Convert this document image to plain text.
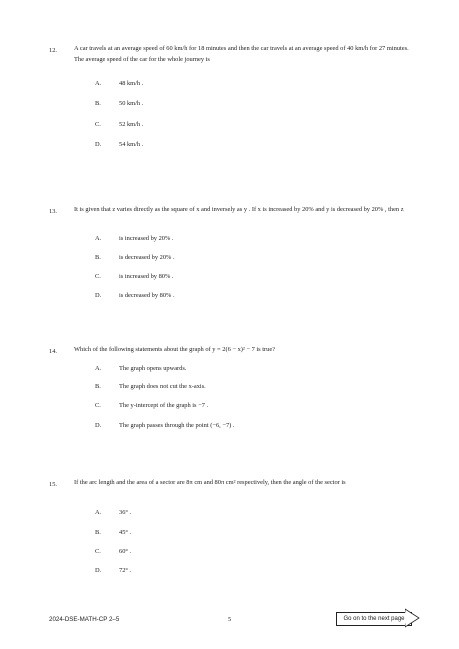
12.	A car travels at an average speed of 60 km/h for 18 minutes and then the car travels at an average speed of 40 km/h for 27 minutes. The average speed of the car for the whole journey is
A.	48 km/h .
B.	50 km/h .
C.	52 km/h .
D.	54 km/h .
13.	It is given that z varies directly as the square of x and inversely as y . If x is increased by 20% and y is decreased by 20% , then z
A.	is increased by 20% .
B.	is decreased by 20% .
C.	is increased by 80% .
D.	is decreased by 80% .
14.	Which of the following statements about the graph of y = 2(6 − x)² − 7 is true?
A.	The graph opens upwards.
B.	The graph does not cut the x-axis.
C.	The y-intercept of the graph is −7 .
D.	The graph passes through the point (−6, −7) .
15.	If the arc length and the area of a sector are 8π cm and 80π cm² respectively, then the angle of the sector is
A.	36° .
B.	45° .
C.	60° .
D.	72° .
2024-DSE-MATH-CP 2–5	5	Go on to the next page
